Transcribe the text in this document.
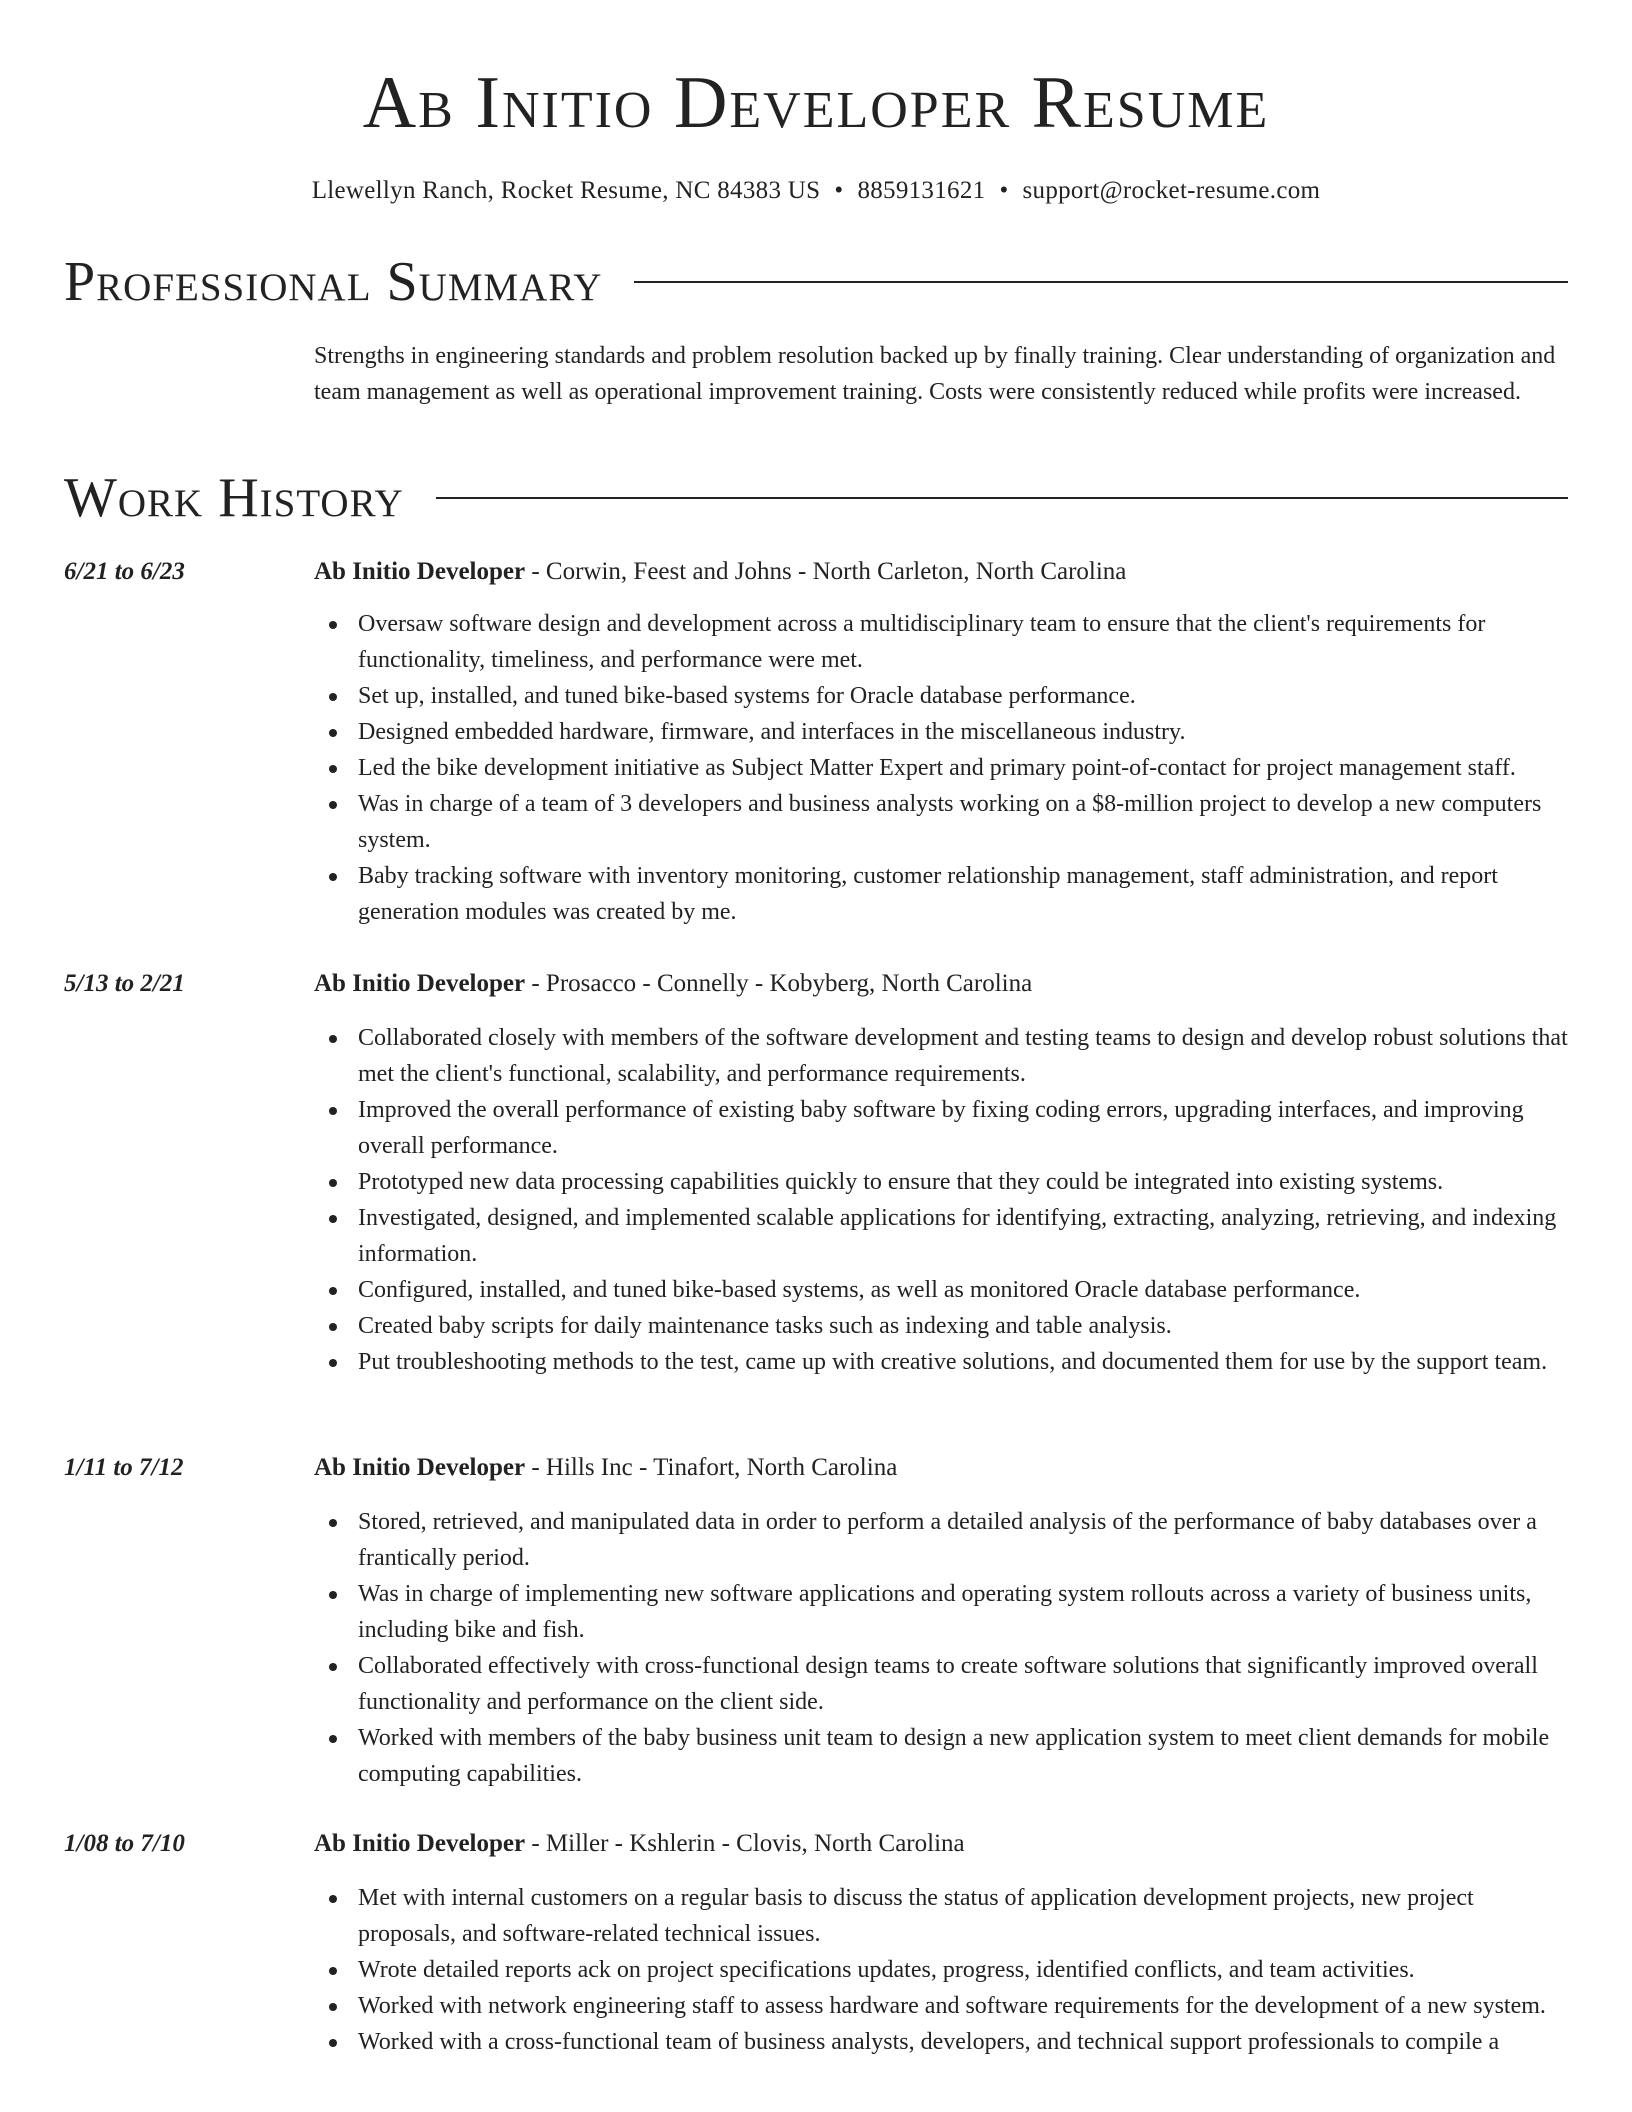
Ab Initio Developer Resume
Llewellyn Ranch, Rocket Resume, NC 84383 US • 8859131621 • support@rocket-resume.com
Professional Summary

Strengths in engineering standards and problem resolution backed up by finally training. Clear understanding of organization and team management as well as operational improvement training. Costs were consistently reduced while profits were increased.

Work History
6/21 to 6/23	Ab Initio Developer - Corwin, Feest and Johns - North Carleton, North Carolina
Oversaw software design and development across a multidisciplinary team to ensure that the client's requirements for functionality, timeliness, and performance were met.
Set up, installed, and tuned bike-based systems for Oracle database performance.
Designed embedded hardware, firmware, and interfaces in the miscellaneous industry.
Led the bike development initiative as Subject Matter Expert and primary point-of-contact for project management staff.
Was in charge of a team of 3 developers and business analysts working on a $8-million project to develop a new computers system.
Baby tracking software with inventory monitoring, customer relationship management, staff administration, and report generation modules was created by me.
5/13 to 2/21	Ab Initio Developer - Prosacco - Connelly - Kobyberg, North Carolina
Collaborated closely with members of the software development and testing teams to design and develop robust solutions that met the client's functional, scalability, and performance requirements.
Improved the overall performance of existing baby software by fixing coding errors, upgrading interfaces, and improving overall performance.
Prototyped new data processing capabilities quickly to ensure that they could be integrated into existing systems.
Investigated, designed, and implemented scalable applications for identifying, extracting, analyzing, retrieving, and indexing information.
Configured, installed, and tuned bike-based systems, as well as monitored Oracle database performance.
Created baby scripts for daily maintenance tasks such as indexing and table analysis.
Put troubleshooting methods to the test, came up with creative solutions, and documented them for use by the support team.
1/11 to 7/12	Ab Initio Developer - Hills Inc - Tinafort, North Carolina
Stored, retrieved, and manipulated data in order to perform a detailed analysis of the performance of baby databases over a frantically period.
Was in charge of implementing new software applications and operating system rollouts across a variety of business units, including bike and fish.
Collaborated effectively with cross-functional design teams to create software solutions that significantly improved overall functionality and performance on the client side.
Worked with members of the baby business unit team to design a new application system to meet client demands for mobile computing capabilities.
1/08 to 7/10	Ab Initio Developer - Miller - Kshlerin - Clovis, North Carolina
Met with internal customers on a regular basis to discuss the status of application development projects, new project proposals, and software-related technical issues.
Wrote detailed reports ack on project specifications updates, progress, identified conflicts, and team activities.
Worked with network engineering staff to assess hardware and software requirements for the development of a new system.
Worked with a cross-functional team of business analysts, developers, and technical support professionals to compile a
